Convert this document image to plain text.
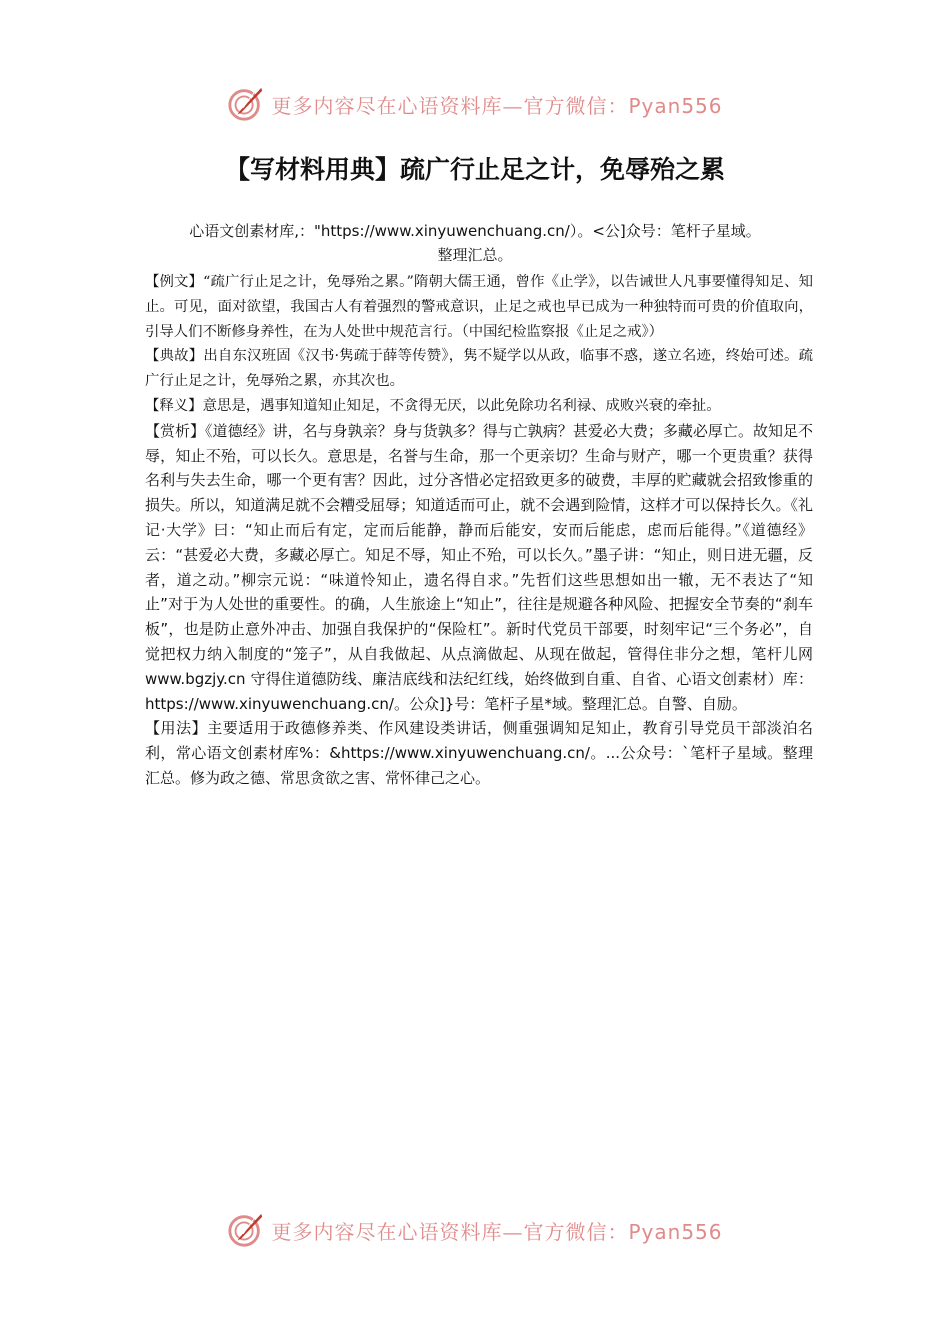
更多内容尽在心语资料库—官方微信：Pyan556
【写材料用典】疏广行止足之计，免辱殆之累
心语文创素材库,："https://www.xinyuwenchuang.cn/）。<公]众号：笔杆子星域。
整理汇总。

【例文】“疏广行止足之计，免辱殆之累。”隋朝大儒王通，曾作《止学》，以告诫世人凡事要懂得知足、知止。可见，面对欲望，我国古人有着强烈的警戒意识，止足之戒也早已成为一种独特而可贵的价值取向，引导人们不断修身养性，在为人处世中规范言行。（中国纪检监察报《止足之戒》）

【典故】出自东汉班固《汉书·隽疏于薛等传赞》，隽不疑学以从政，临事不惑，遂立名迹，终始可述。疏广行止足之计，免辱殆之累，亦其次也。

【释义】意思是，遇事知道知止知足，不贪得无厌，以此免除功名利禄、成败兴衰的牵扯。

【赏析】《道德经》讲，名与身孰亲？身与货孰多？得与亡孰病？甚爱必大费；多藏必厚亡。故知足不辱，知止不殆，可以长久。意思是，名誉与生命，那一个更亲切？生命与财产，哪一个更贵重？获得名利与失去生命，哪一个更有害？因此，过分吝惜必定招致更多的破费，丰厚的贮藏就会招致惨重的损失。所以，知道满足就不会糟受屈辱；知道适而可止，就不会遇到险情，这样才可以保持长久。《礼记·大学》曰：“知止而后有定，定而后能静，静而后能安，安而后能虑，虑而后能得。”《道德经》云：“甚爱必大费，多藏必厚亡。知足不辱，知止不殆，可以长久。”墨子讲：“知止，则日进无疆，反者，道之动。”柳宗元说：“味道怜知止，遗名得自求。”先哲们这些思想如出一辙，无不表达了“知止”对于为人处世的重要性。的确，人生旅途上“知止”，往往是规避各种风险、把握安全节奏的“刹车板”，也是防止意外冲击、加强自我保护的“保险杠”。新时代党员干部要，时刻牢记“三个务必”，自觉把权力纳入制度的“笼子”，从自我做起、从点滴做起、从现在做起，管得住非分之想，笔杆儿网 www.bgzjy.cn 守得住道德防线、廉洁底线和法纪红线，始终做到自重、自省、心语文创素材）库：https://www.xinyuwenchuang.cn/。公众]}号：笔杆子星*域。整理汇总。自警、自励。

【用法】主要适用于政德修养类、作风建设类讲话，侧重强调知足知止，教育引导党员干部淡泊名利，常心语文创素材库%：&https://www.xinyuwenchuang.cn/。...公众号：`笔杆子星域。整理汇总。修为政之德、常思贪欲之害、常怀律己之心。

更多内容尽在心语资料库—官方微信：Pyan556
